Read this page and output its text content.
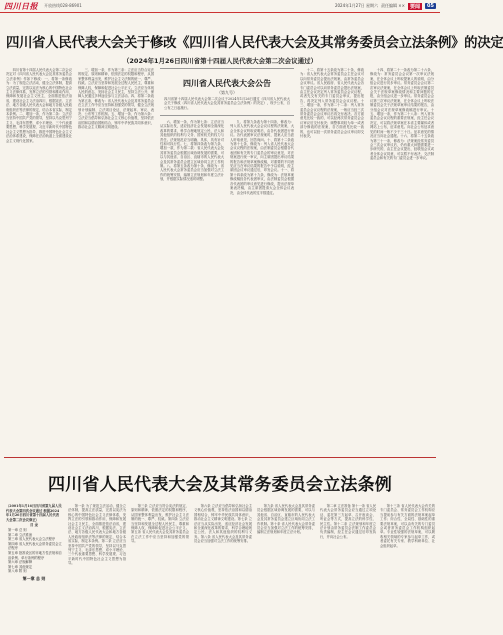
四川日报 开放热线028-86901	2024年1月27日 星期六 责任编辑 ××	要闻	05
四川省人民代表大会关于修改《四川省人民代表大会及其常务委员会立法条例》的决定
（2024年1月26日四川省第十四届人民代表大会第二次会议通过）

四川省第十四届人民代表大会第二次会议决定对《四川省人民代表大会及其常务委员会立法条例》作如下修改：一、将第一条修改为：为了规范立法活动，健全立法体制，提高立法质量，完善以宪法为核心的中国特色社会主义法律体系，发挥立法的引领和推动作用，保障和发展社会主义民主，全面推进依法治省，建设社会主义法治四川，根据宪法、立法法、地方各级人民代表大会和地方各级人民政府组织法等法律的规定，结合本省实际，制定本条例。二、增加一条，作为第二条：立法应当坚持中国共产党的领导，坚持以马克思列宁主义、毛泽东思想、邓小平理论、三个代表重要思想、科学发展观、习近平新时代中国特色社会主义思想为指导，推进中国特色社会主义法治体系建设，保障在法治轨道上全面建设社会主义现代化国家。

三、增加一条，作为第三条：立法应当符合宪法的规定、原则和精神，依照法定的权限和程序，从国家整体利益出发，维护社会主义法制的统一、尊严、权威。立法应当坚持和发展全过程人民民主，尊重和保障人权，保障和促进社会公平正义。立法应当体现人民的意志，发扬社会主义民主，坚持立法公开，保障人民通过多种途径参与立法活动。四、将第二条改为第五条，修改为：省人民代表大会及其常务委员会在立法工作中应当坚持和加强党的领导，健全立法规划计划编制、立法项目论证、法规起草、审议、表决、公布等工作机制。五、增加一条，作为第六条：立法应当倡导和弘扬社会主义核心价值观，坚持依法治国和以德治国相结合，铸牢中华民族共同体意识，推动社会主义精神文明建设。

四川省人民代表大会公告
（第九号）
四川省第十四届人民代表大会第二次会议于2024年1月26日通过《四川省人民代表大会关于修改〈四川省人民代表大会及其常务委员会立法条例〉的决定》，现予公布，自公布之日起施行。

六、增加一条，作为第七条：立法应当从实际出发，适应经济社会发展和全面深化改革的要求，科学合理地规定公民、法人和其他组织的权利与义务、国家机关的权力与责任。法规规范应当明确、具体，具有针对性和可执行性。七、将第四条改为第九条，增加一款，作为第二款：省人民代表大会及其常务委员会根据区域协调发展的需要，可以与其他省、自治区、直辖市的人民代表大会及其常务委员会建立区域协同立法工作机制。八、将第五条改为第十条，修改为：省人民代表大会常务委员会应当加强对立法工作的统筹安排，编制立法规划和年度立法计划，并根据实际情况适时调整。

九、将第九条改为第十四条，修改为：列入省人民代表大会会议议程的法规案，大会全体会议听取说明后，由各代表团进行审议。各代表团审议法规案时，提案人应当派人听取意见，回答询问。十、将第十二条改为第十七条，修改为：列入省人民代表大会会议议程的法规案，由法制委员会根据各代表团和有关的专门委员会的审议意见，对法规案进行统一审议，向主席团提出审议结果的报告和法规草案修改稿，对重要的不同意见应当在审议结果的报告中予以说明，经主席团会议审议通过后，印发会议。十一、将第十四条改为第十九条，修改为：法规草案修改稿经各代表团审议，由法制委员会根据各代表团的审议意见进行修改，提出法规草案表决稿，由主席团提请大会全体会议表决，由全体代表的过半数通过。

十二、将第十五条改为第二十条，修改为：省人民代表大会常务委员会主任会议可以向常务委员会提出法规案，由常务委员会会议审议。省人民政府、省人民代表大会各专门委员会可以向常务委员会提出法规案，由主任会议决定列入常务委员会会议议程，或者先交有关的专门委员会审议、提出报告，再决定列入常务委员会会议议程。十三、增加一条，作为第二十二条：列入常务委员会会议议程的法规案，一般应当经三次常务委员会会议审议后再交付表决。各方面意见比较一致的，可以经两次常务委员会会议审议后交付表决；调整事项较为单一或者部分修改的法规案，各方面意见比较一致的，也可以经一次常务委员会会议审议即交付表决。

十四、将第二十一条改为第二十六条，修改为：常务委员会会议第一次审议法规案，在全体会议上听取提案人的说明，由分组会议进行初步审议。常务委员会会议第二次审议法规案，在全体会议上听取法制委员会关于法规草案修改情况和主要问题的汇报，由分组会议进一步审议。常务委员会会议第三次审议法规案，在全体会议上听取法制委员会关于法规草案审议结果的报告，由分组会议对法规草案修改稿进行审议。十五、增加一条，作为第二十八条：列入常务委员会会议议程的重要法规案，经主任会议决定，可以将法规草案在本省主要媒体或者网站上公布，征求意见。向社会公布征求意见的时间一般不少于三十日。征求意见的情况应当向社会通报。十六、将第二十五条改为第三十一条，修改为：法规案经常务委员会三次会议审议后，仍有重大问题需要进一步研究的，由主任会议提出，经联组会议或者全体会议同意，可以暂不付表决，交法制委员会和有关的专门委员会进一步审议。

四川省人民代表大会及其常务委员会立法条例
（2001年1月16日四川省第九届人民代表大会第四次会议通过 根据2024年1月26日四川省第十四届人民代表大会第二次会议修正）
目 录
第一章 总 则
第二章 立法准备
第三章 省人民代表大会立法程序
第四章 省人民代表大会常务委员会立法程序
第五章 批准设区的市地方性法规和自治条例、单行条例的程序
第六章 法规解释
第七章 其他规定
第八章 附 则
第一章 总 则

第一条 为了规范立法活动，健全立法体制，提高立法质量，完善以宪法为核心的中国特色社会主义法律体系，发挥立法的引领和推动作用，保障和发展社会主义民主，全面推进依法治省，建设社会主义法治四川，根据宪法、立法法、地方各级人民代表大会和地方各级人民政府组织法等法律的规定，结合本省实际，制定本条例。第二条 立法应当坚持中国共产党的领导，坚持以马克思列宁主义、毛泽东思想、邓小平理论、三个代表重要思想、科学发展观、习近平新时代中国特色社会主义思想为指导。

第三条 立法应当符合宪法的规定、原则和精神，依照法定的权限和程序，从国家整体利益出发，维护社会主义法制的统一、尊严、权威。第四条 立法应当坚持和发展全过程人民民主，尊重和保障人权，保障和促进社会公平正义。第五条 省人民代表大会及其常务委员会在立法工作中应当坚持和加强党的领导。

第六条 立法应当倡导和弘扬社会主义核心价值观，坚持依法治国和以德治国相结合，铸牢中华民族共同体意识，推动社会主义精神文明建设。第七条 立法应当从实际出发，适应经济社会发展和全面深化改革的要求，科学合理地规定公民、法人和其他组织的权利与义务。第八条 省人民代表大会及其常务委员会应当加强对立法工作的统筹安排。

第九条 省人民代表大会及其常务委员会根据区域协调发展的需要，可以与其他省、自治区、直辖市的人民代表大会及其常务委员会建立区域协同立法工作机制。第十条 省人民代表大会常务委员会应当加强对立法工作的统筹安排，编制立法规划和年度立法计划。

第二章 立法准备 第十一条 省人民代表大会常务委员会应当通过立项论证、委托第三方起草、召开座谈会、听证会等方式，提高立法的科学性、民主性。第十二条 立法规划和年度立法计划由常务委员会法制工作委员会负责编制，经主任会议通过后印发执行，并向社会公布。

第十三条 省人民代表大会有关的专门委员会、常务委员会工作机构应当提前参与有关方面的法规草案起草工作；综合性、全局性、基础性的重要法规草案，可以由有关的专门委员会或者常务委员会工作机构组织起草。专业性较强的法规草案，可以吸收相关领域的专家参与起草工作，或者委托有关专家、教学科研单位、社会组织起草。
